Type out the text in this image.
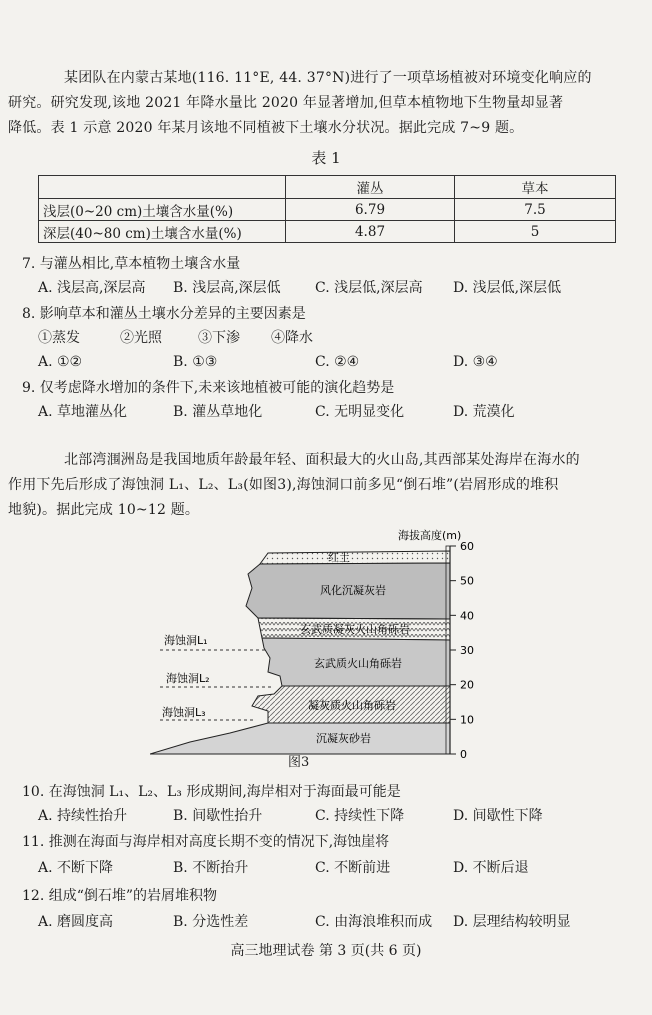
某团队在内蒙古某地(116. 11°E, 44. 37°N)进行了一项草场植被对环境变化响应的
研究。研究发现,该地 2021 年降水量比 2020 年显著增加,但草本植物地下生物量却显著
降低。表 1 示意 2020 年某月该地不同植被下土壤水分状况。据此完成 7~9 题。
表 1
	灌丛	草本
浅层(0~20 cm)土壤含水量(%)	6.79	7.5
深层(40~80 cm)土壤含水量(%)	4.87	5
7. 与灌丛相比,草本植物土壤含水量
A. 浅层高,深层高 B. 浅层高,深层低 C. 浅层低,深层高 D. 浅层低,深层低
8. 影响草本和灌丛土壤水分差异的主要因素是
①蒸发	②光照	③下渗 ④降水
A. ①②	B. ①③	C. ②④	D. ③④
9. 仅考虑降水增加的条件下,未来该地植被可能的演化趋势是
A. 草地灌丛化	B. 灌丛草地化	C. 无明显变化	D. 荒漠化
北部湾涠洲岛是我国地质年龄最年轻、面积最大的火山岛,其西部某处海岸在海水的
作用下先后形成了海蚀洞 L₁、L₂、L₃(如图3),海蚀洞口前多见“倒石堆”(岩屑形成的堆积
地貌)。据此完成 10~12 题。
海蚀洞L₁
海蚀洞L₂
海蚀洞L₃
红土
风化沉凝灰岩
玄武质凝灰火山角砾岩
玄武质火山角砾岩
凝灰质火山角砾岩
沉凝灰砂岩
海拔高度(m)
60
50
40
30
20
10
0
图3
10. 在海蚀洞 L₁、L₂、L₃ 形成期间,海岸相对于海面最可能是
A. 持续性抬升	B. 间歇性抬升	C. 持续性下降	D. 间歇性下降
11. 推测在海面与海岸相对高度长期不变的情况下,海蚀崖将
A. 不断下降	B. 不断抬升	C. 不断前进	D. 不断后退
12. 组成“倒石堆”的岩屑堆积物
A. 磨圆度高	B. 分选性差	C. 由海浪堆积而成 D. 层理结构较明显
高三地理试卷 第 3 页(共 6 页)
